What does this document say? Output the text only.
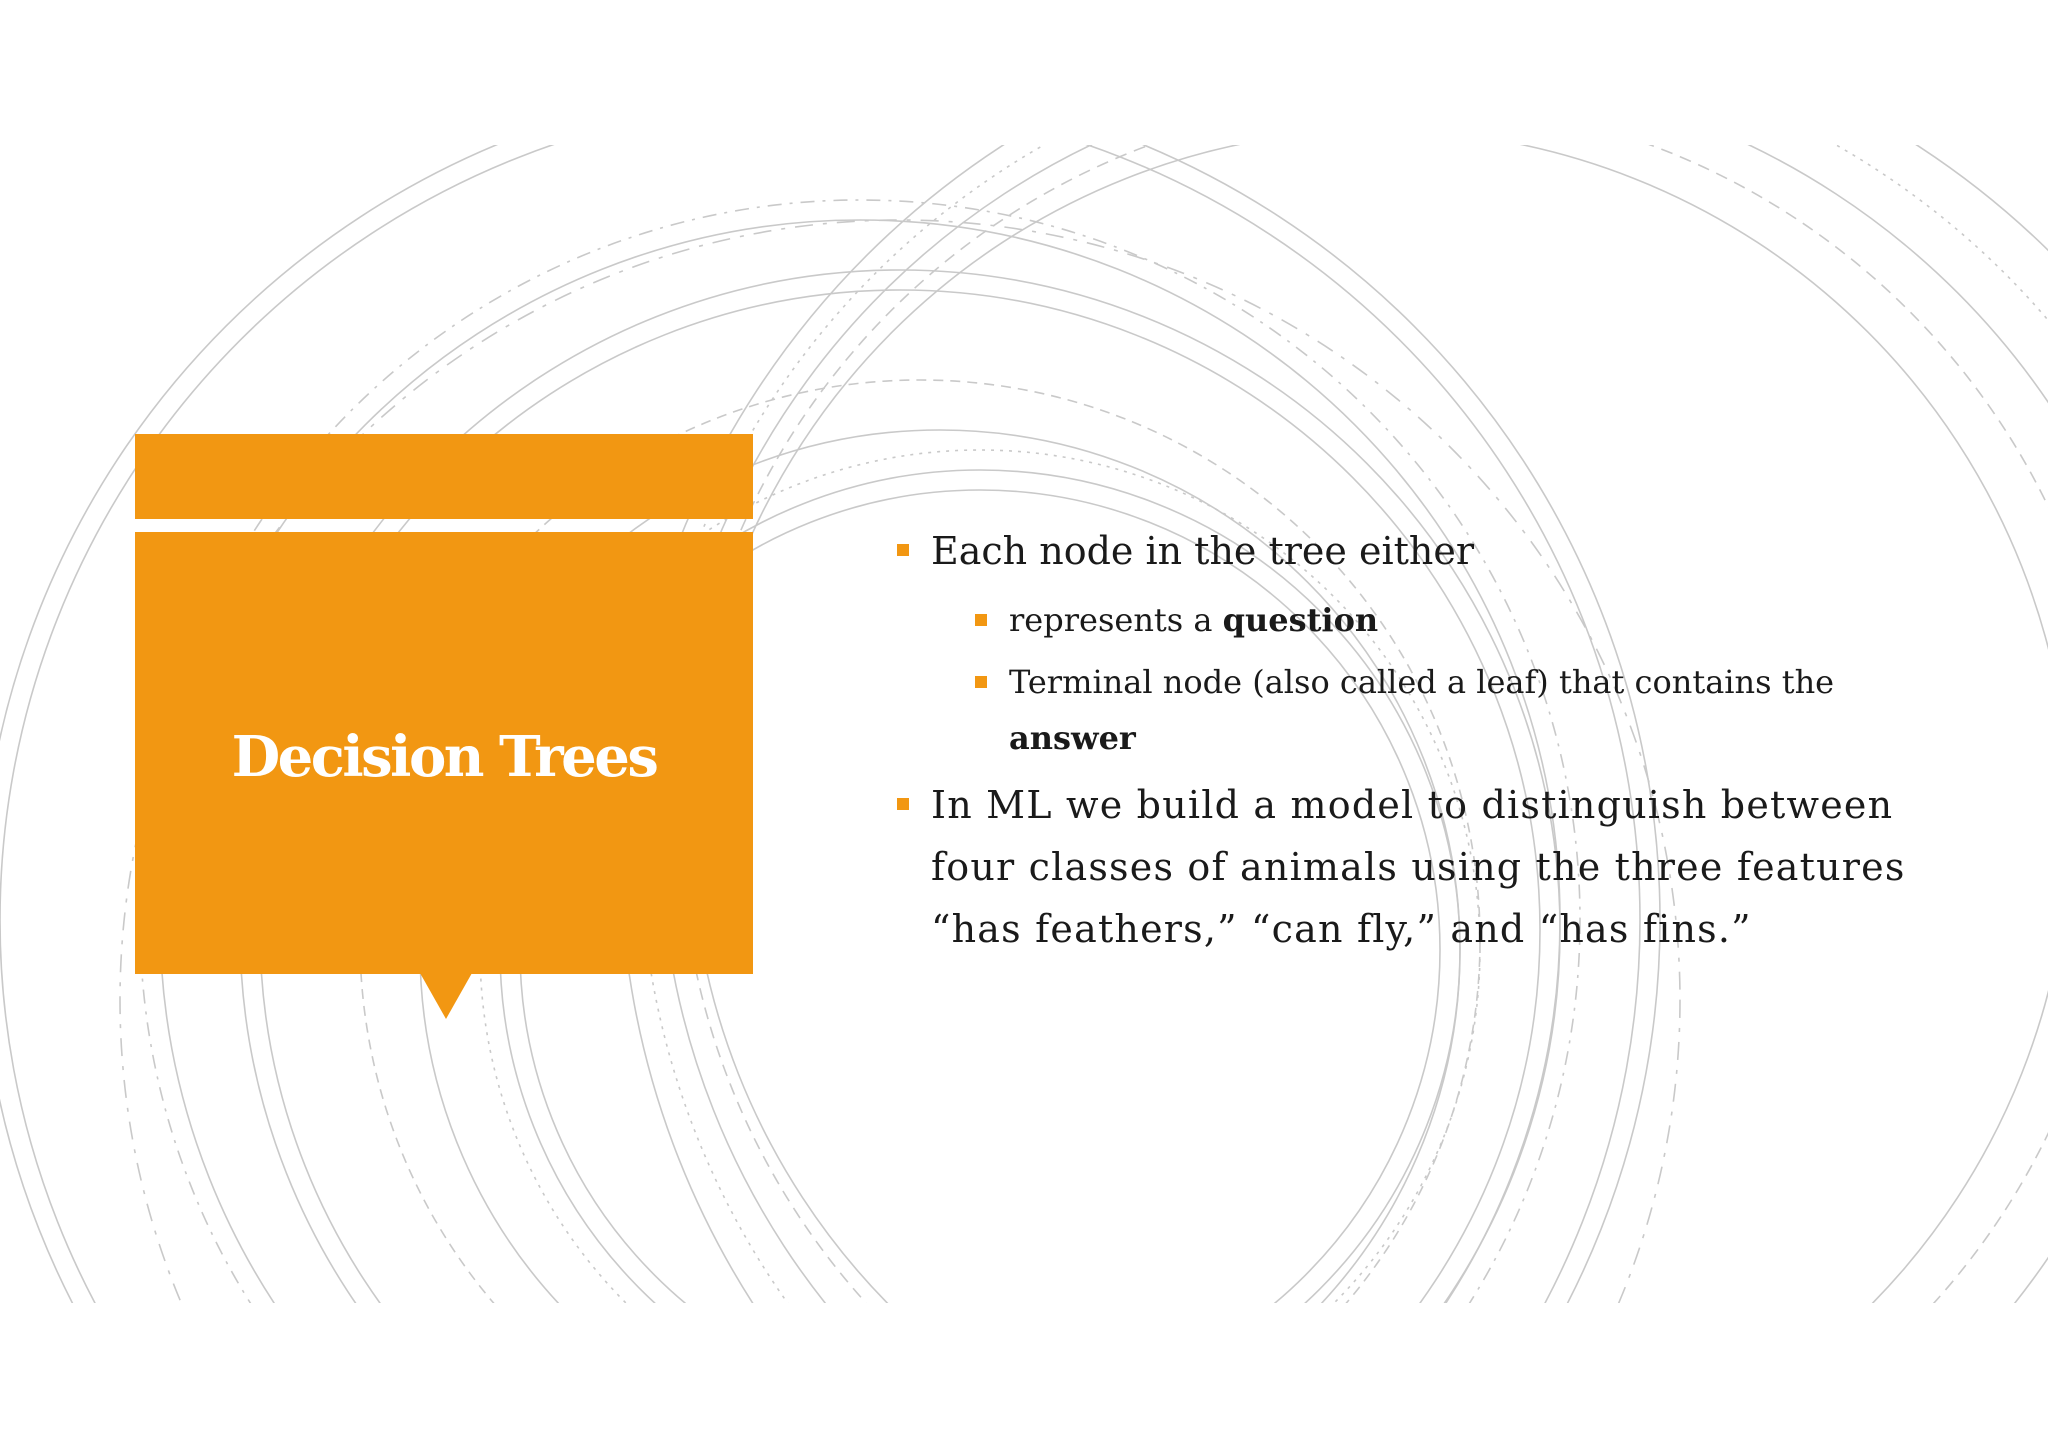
Decision Trees
Each node in the tree either
represents a question
Terminal node (also called a leaf) that contains the answer
In ML we build a model to distinguish between four classes of animals using the three features “has feathers,” “can fly,” and “has fins.”
